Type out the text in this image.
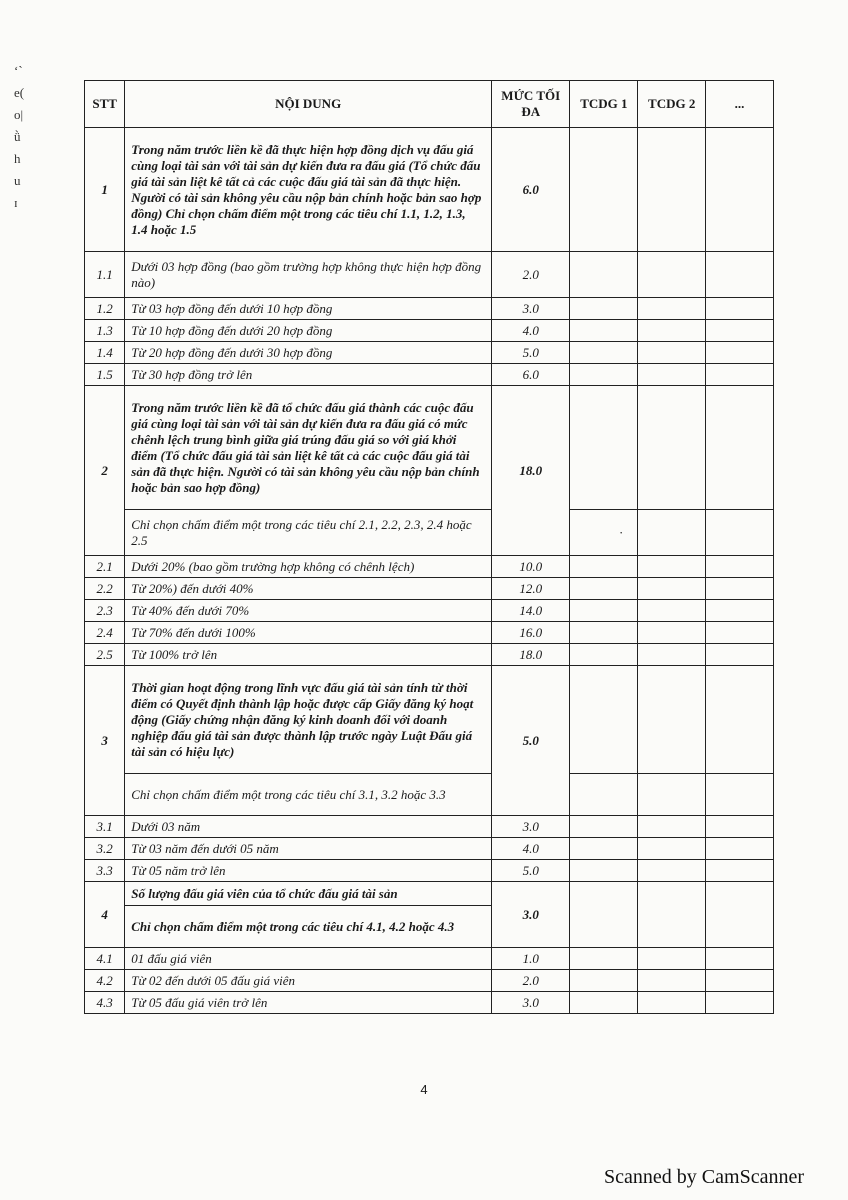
‘ˋ
e(
o|
ǜ
h
u
ɪ
STT	NỘI DUNG	MỨC TỐI ĐA	TCDG 1	TCDG 2	...
1	Trong năm trước liền kề đã thực hiện hợp đồng dịch vụ đấu giá cùng loại tài sản với tài sản dự kiến đưa ra đấu giá (Tổ chức đấu giá tài sản liệt kê tất cả các cuộc đấu giá tài sản đã thực hiện. Người có tài sản không yêu cầu nộp bản chính hoặc bản sao hợp đồng) Chỉ chọn chấm điểm một trong các tiêu chí 1.1, 1.2, 1.3, 1.4 hoặc 1.5	6.0			
1.1	Dưới 03 hợp đồng (bao gồm trường hợp không thực hiện hợp đồng nào)	2.0			
1.2	Từ 03 hợp đồng đến dưới 10 hợp đồng	3.0			
1.3	Từ 10 hợp đồng đến dưới 20 hợp đồng	4.0			
1.4	Từ 20 hợp đồng đến dưới 30 hợp đồng	5.0			
1.5	Từ 30 hợp đồng trở lên	6.0			
2	Trong năm trước liền kề đã tổ chức đấu giá thành các cuộc đấu giá cùng loại tài sản với tài sản dự kiến đưa ra đấu giá có mức chênh lệch trung bình giữa giá trúng đấu giá so với giá khởi điểm (Tổ chức đấu giá tài sản liệt kê tất cả các cuộc đấu giá tài sản đã thực hiện. Người có tài sản không yêu cầu nộp bản chính hoặc bản sao hợp đồng)	18.0			
	Chỉ chọn chấm điểm một trong các tiêu chí 2.1, 2.2, 2.3, 2.4 hoặc 2.5		·		
2.1	Dưới 20% (bao gồm trường hợp không có chênh lệch)	10.0			
2.2	Từ 20%) đến dưới 40%	12.0			
2.3	Từ 40% đến dưới 70%	14.0			
2.4	Từ 70% đến dưới 100%	16.0			
2.5	Từ 100% trở lên	18.0			
3	Thời gian hoạt động trong lĩnh vực đấu giá tài sản tính từ thời điểm có Quyết định thành lập hoặc được cấp Giấy đăng ký hoạt động (Giấy chứng nhận đăng ký kinh doanh đối với doanh nghiệp đấu giá tài sản được thành lập trước ngày Luật Đấu giá tài sản có hiệu lực)	5.0			
	Chỉ chọn chấm điểm một trong các tiêu chí 3.1, 3.2 hoặc 3.3				
3.1	Dưới 03 năm	3.0			
3.2	Từ 03 năm đến dưới 05 năm	4.0			
3.3	Từ 05 năm trở lên	5.0			
4	Số lượng đấu giá viên của tổ chức đấu giá tài sản	3.0			
	Chỉ chọn chấm điểm một trong các tiêu chí 4.1, 4.2 hoặc 4.3				
4.1	01 đấu giá viên	1.0			
4.2	Từ 02 đến dưới 05 đấu giá viên	2.0			
4.3	Từ 05 đấu giá viên trở lên	3.0			
4
Scanned by CamScanner
